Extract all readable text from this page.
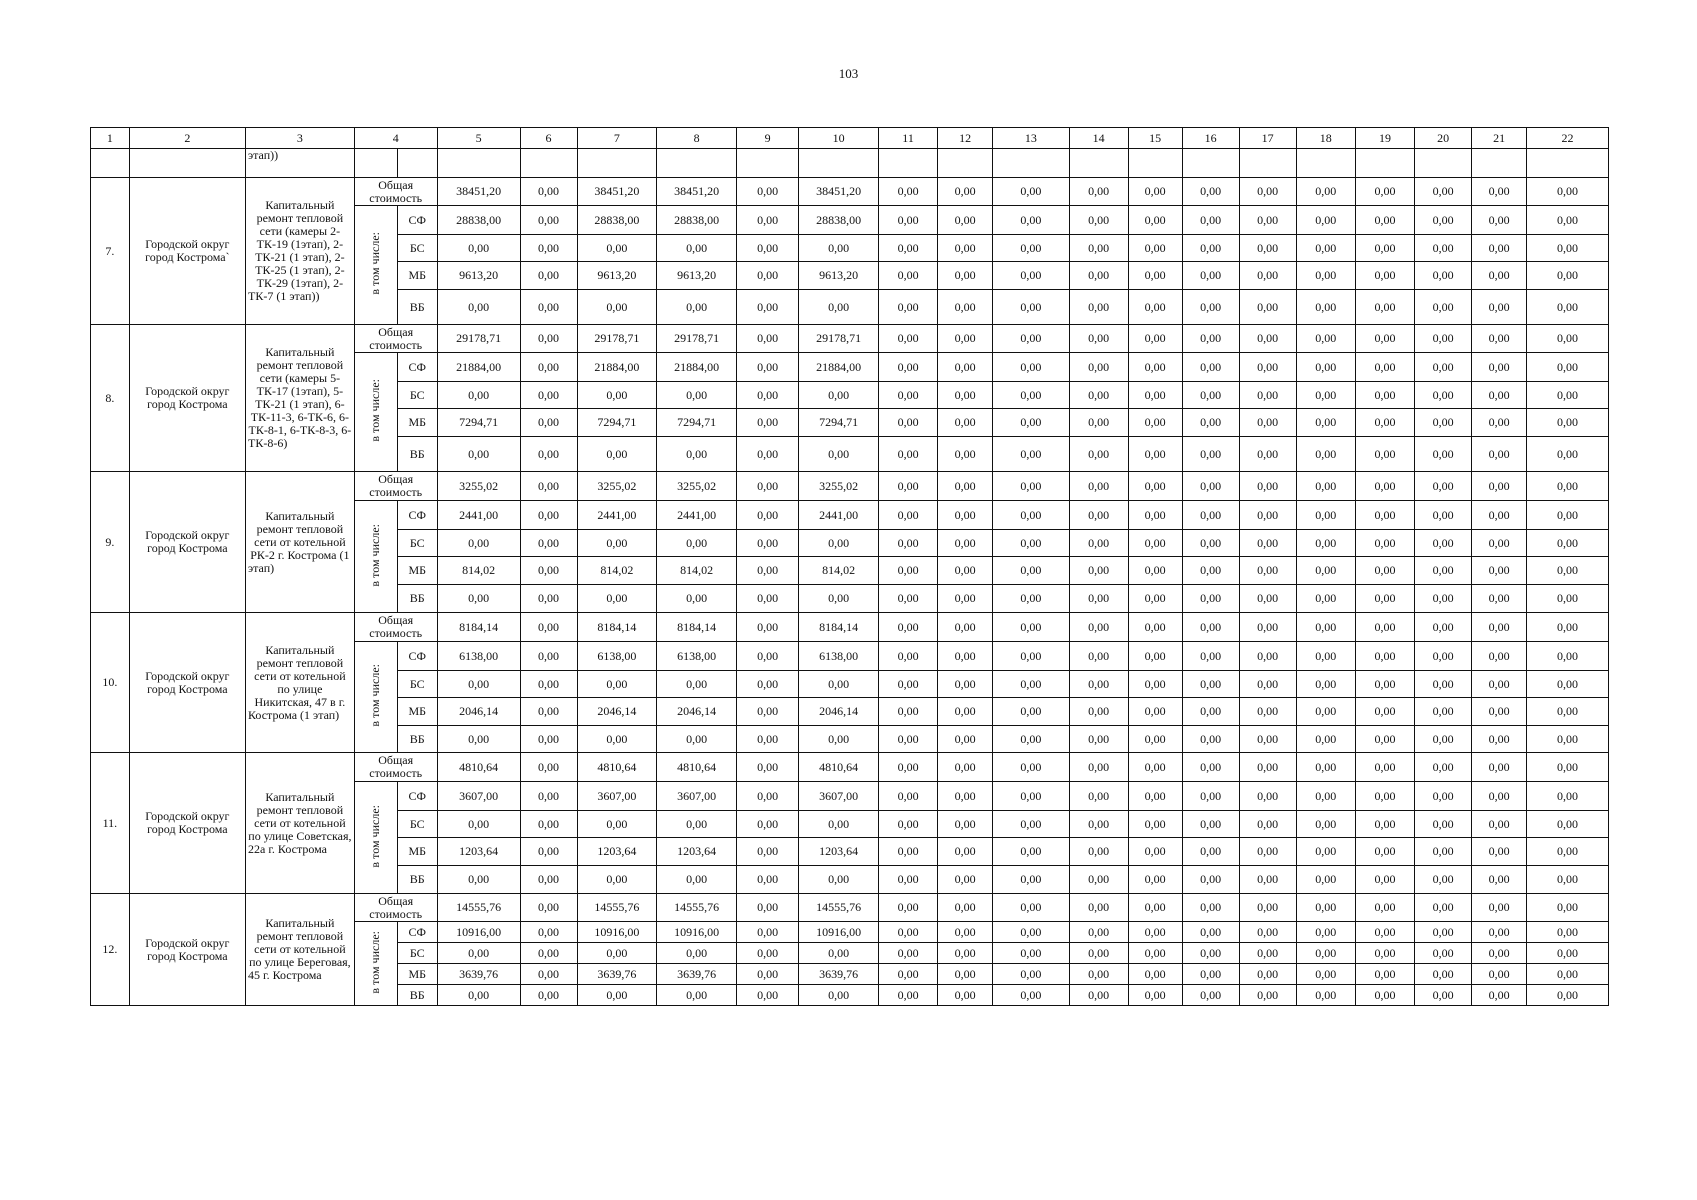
103
1	2	3	4		5	6	7	8	9	10	11	12	13	14	15	16	17	18	19	20	21	22
		этап))																				
7.	Городской округ город Кострома`	Капитальный ремонт тепловой сети (камеры 2-ТК-19 (1этап), 2-ТК-21 (1 этап), 2-ТК-25 (1 этап), 2-ТК-29 (1этап), 2-ТК-7 (1 этап))	Общая стоимость		38451,20	0,00	38451,20	38451,20	0,00	38451,20	0,00	0,00	0,00	0,00	0,00	0,00	0,00	0,00	0,00	0,00	0,00	0,00
			в том числе:	СФ	28838,00	0,00	28838,00	28838,00	0,00	28838,00	0,00	0,00	0,00	0,00	0,00	0,00	0,00	0,00	0,00	0,00	0,00	0,00
				БС	0,00	0,00	0,00	0,00	0,00	0,00	0,00	0,00	0,00	0,00	0,00	0,00	0,00	0,00	0,00	0,00	0,00	0,00
				МБ	9613,20	0,00	9613,20	9613,20	0,00	9613,20	0,00	0,00	0,00	0,00	0,00	0,00	0,00	0,00	0,00	0,00	0,00	0,00
				ВБ	0,00	0,00	0,00	0,00	0,00	0,00	0,00	0,00	0,00	0,00	0,00	0,00	0,00	0,00	0,00	0,00	0,00	0,00
8.	Городской округ город Кострома	Капитальный ремонт тепловой сети (камеры 5-ТК-17 (1этап), 5-ТК-21 (1 этап), 6-ТК-11-3, 6-ТК-6, 6-ТК-8-1, 6-ТК-8-3, 6-ТК-8-6)	Общая стоимость		29178,71	0,00	29178,71	29178,71	0,00	29178,71	0,00	0,00	0,00	0,00	0,00	0,00	0,00	0,00	0,00	0,00	0,00	0,00
			в том числе:	СФ	21884,00	0,00	21884,00	21884,00	0,00	21884,00	0,00	0,00	0,00	0,00	0,00	0,00	0,00	0,00	0,00	0,00	0,00	0,00
				БС	0,00	0,00	0,00	0,00	0,00	0,00	0,00	0,00	0,00	0,00	0,00	0,00	0,00	0,00	0,00	0,00	0,00	0,00
				МБ	7294,71	0,00	7294,71	7294,71	0,00	7294,71	0,00	0,00	0,00	0,00	0,00	0,00	0,00	0,00	0,00	0,00	0,00	0,00
				ВБ	0,00	0,00	0,00	0,00	0,00	0,00	0,00	0,00	0,00	0,00	0,00	0,00	0,00	0,00	0,00	0,00	0,00	0,00
9.	Городской округ город Кострома	Капитальный ремонт тепловой сети от котельной РК-2 г. Кострома (1 этап)	Общая стоимость		3255,02	0,00	3255,02	3255,02	0,00	3255,02	0,00	0,00	0,00	0,00	0,00	0,00	0,00	0,00	0,00	0,00	0,00	0,00
			в том числе:	СФ	2441,00	0,00	2441,00	2441,00	0,00	2441,00	0,00	0,00	0,00	0,00	0,00	0,00	0,00	0,00	0,00	0,00	0,00	0,00
				БС	0,00	0,00	0,00	0,00	0,00	0,00	0,00	0,00	0,00	0,00	0,00	0,00	0,00	0,00	0,00	0,00	0,00	0,00
				МБ	814,02	0,00	814,02	814,02	0,00	814,02	0,00	0,00	0,00	0,00	0,00	0,00	0,00	0,00	0,00	0,00	0,00	0,00
				ВБ	0,00	0,00	0,00	0,00	0,00	0,00	0,00	0,00	0,00	0,00	0,00	0,00	0,00	0,00	0,00	0,00	0,00	0,00
10.	Городской округ город Кострома	Капитальный ремонт тепловой сети от котельной по улице Никитская, 47 в г. Кострома (1 этап)	Общая стоимость		8184,14	0,00	8184,14	8184,14	0,00	8184,14	0,00	0,00	0,00	0,00	0,00	0,00	0,00	0,00	0,00	0,00	0,00	0,00
			в том числе:	СФ	6138,00	0,00	6138,00	6138,00	0,00	6138,00	0,00	0,00	0,00	0,00	0,00	0,00	0,00	0,00	0,00	0,00	0,00	0,00
				БС	0,00	0,00	0,00	0,00	0,00	0,00	0,00	0,00	0,00	0,00	0,00	0,00	0,00	0,00	0,00	0,00	0,00	0,00
				МБ	2046,14	0,00	2046,14	2046,14	0,00	2046,14	0,00	0,00	0,00	0,00	0,00	0,00	0,00	0,00	0,00	0,00	0,00	0,00
				ВБ	0,00	0,00	0,00	0,00	0,00	0,00	0,00	0,00	0,00	0,00	0,00	0,00	0,00	0,00	0,00	0,00	0,00	0,00
11.	Городской округ город Кострома	Капитальный ремонт тепловой сети от котельной по улице Советская, 22а г. Кострома	Общая стоимость		4810,64	0,00	4810,64	4810,64	0,00	4810,64	0,00	0,00	0,00	0,00	0,00	0,00	0,00	0,00	0,00	0,00	0,00	0,00
			в том числе:	СФ	3607,00	0,00	3607,00	3607,00	0,00	3607,00	0,00	0,00	0,00	0,00	0,00	0,00	0,00	0,00	0,00	0,00	0,00	0,00
				БС	0,00	0,00	0,00	0,00	0,00	0,00	0,00	0,00	0,00	0,00	0,00	0,00	0,00	0,00	0,00	0,00	0,00	0,00
				МБ	1203,64	0,00	1203,64	1203,64	0,00	1203,64	0,00	0,00	0,00	0,00	0,00	0,00	0,00	0,00	0,00	0,00	0,00	0,00
				ВБ	0,00	0,00	0,00	0,00	0,00	0,00	0,00	0,00	0,00	0,00	0,00	0,00	0,00	0,00	0,00	0,00	0,00	0,00
12.	Городской округ город Кострома	Капитальный ремонт тепловой сети от котельной по улице Береговая, 45 г. Кострома	Общая стоимость		14555,76	0,00	14555,76	14555,76	0,00	14555,76	0,00	0,00	0,00	0,00	0,00	0,00	0,00	0,00	0,00	0,00	0,00	0,00
			в том числе:	СФ	10916,00	0,00	10916,00	10916,00	0,00	10916,00	0,00	0,00	0,00	0,00	0,00	0,00	0,00	0,00	0,00	0,00	0,00	0,00
				БС	0,00	0,00	0,00	0,00	0,00	0,00	0,00	0,00	0,00	0,00	0,00	0,00	0,00	0,00	0,00	0,00	0,00	0,00
				МБ	3639,76	0,00	3639,76	3639,76	0,00	3639,76	0,00	0,00	0,00	0,00	0,00	0,00	0,00	0,00	0,00	0,00	0,00	0,00
				ВБ	0,00	0,00	0,00	0,00	0,00	0,00	0,00	0,00	0,00	0,00	0,00	0,00	0,00	0,00	0,00	0,00	0,00	0,00
